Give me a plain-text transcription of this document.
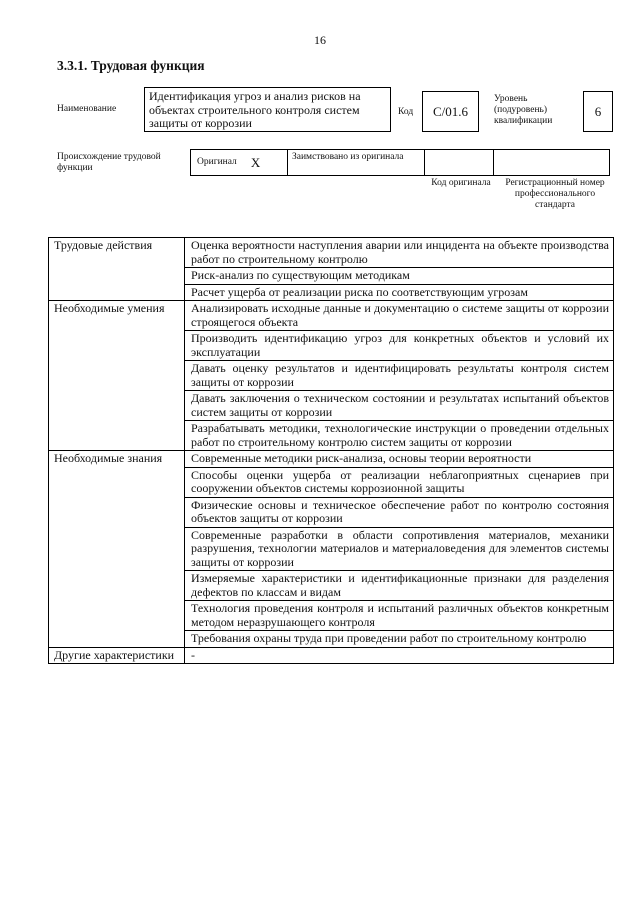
16
3.3.1. Трудовая функция
Наименование
Идентификация угроз и анализ рисков на объектах строительного контроля систем защиты от коррозии
Код	С/01.6
Уровень (подуровень) квалификации
6
Происхождение трудовой функции
Оригинал X	Заимствовано из оригинала
Код оригинала	Регистрационный номер профессионального стандарта
Трудовые действия	Оценка вероятности наступления аварии или инцидента на объекте производства работ по строительному контролю
	Риск-анализ по существующим методикам
	Расчет ущерба от реализации риска по соответствующим угрозам
Необходимые умения	Анализировать исходные данные и документацию о системе защиты от коррозии строящегося объекта
	Производить идентификацию угроз для конкретных объектов и условий их эксплуатации
	Давать оценку результатов и идентифицировать результаты контроля систем защиты от коррозии
	Давать заключения о техническом состоянии и результатах испытаний объектов систем защиты от коррозии
	Разрабатывать методики, технологические инструкции о проведении отдельных работ по строительному контролю систем защиты от коррозии
Необходимые знания	Современные методики риск-анализа, основы теории вероятности
	Способы оценки ущерба от реализации неблагоприятных сценариев при сооружении объектов системы коррозионной защиты
	Физические основы и техническое обеспечение работ по контролю состояния объектов защиты от коррозии
	Современные разработки в области сопротивления материалов, механики разрушения, технологии материалов и материаловедения для элементов системы защиты от коррозии
	Измеряемые характеристики и идентификационные признаки для разделения дефектов по классам и видам
	Технология проведения контроля и испытаний различных объектов конкретным методом неразрушающего контроля
	Требования охраны труда при проведении работ по строительному контролю
Другие характеристики	-
